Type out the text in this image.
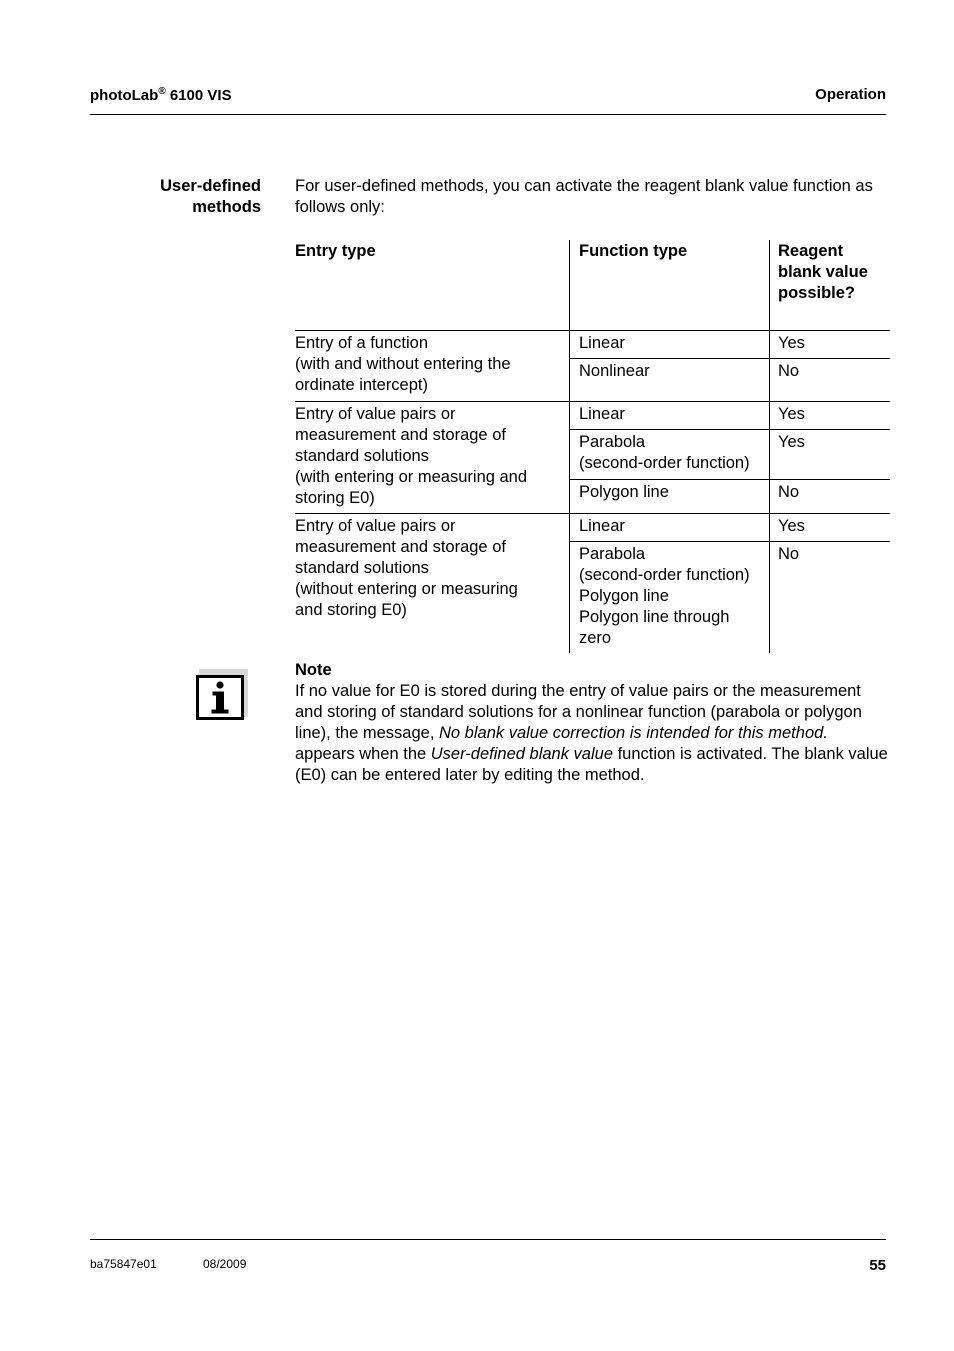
photoLab® 6100 VIS	Operation
User-defined
methods
For user-defined methods, you can activate the reagent blank value function as follows only:
Entry type	Function type	Reagent
blank value
possible?

Entry of a function
(with and without entering the
ordinate intercept)	Linear	Yes

	Nonlinear	No

Entry of value pairs or
measurement and storage of
standard solutions
(with entering or measuring and
storing E0)	Linear	Yes

	Parabola
(second-order function)	Yes

	Polygon line	No

Entry of value pairs or
measurement and storage of
standard solutions
(without entering or measuring
and storing E0)	Linear	Yes

	Parabola
(second-order function)
Polygon line
Polygon line through
zero	No
Note
If no value for E0 is stored during the entry of value pairs or the measurement and storing of standard solutions for a nonlinear function (parabola or polygon line), the message, No blank value correction is intended for this method. appears when the User-defined blank value function is activated. The blank value (E0) can be entered later by editing the method.
ba75847e01	08/2009	55
